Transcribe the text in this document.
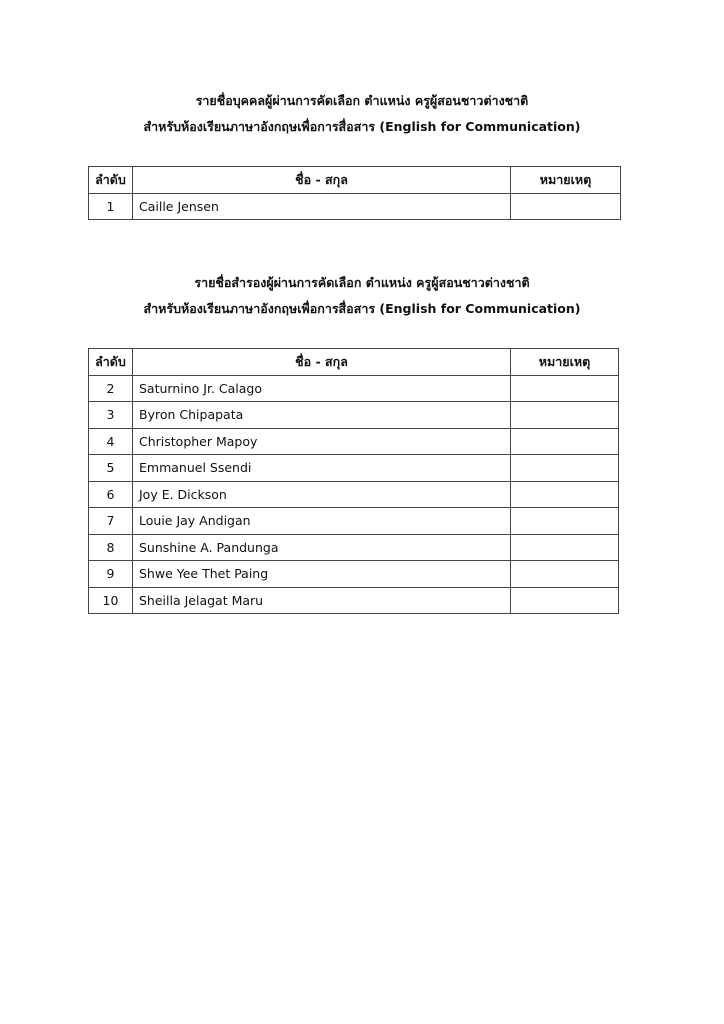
รายชื่อบุคคลผู้ผ่านการคัดเลือก ตำแหน่ง ครูผู้สอนชาวต่างชาติ
สำหรับห้องเรียนภาษาอังกฤษเพื่อการสื่อสาร (English for Communication)
ลำดับ	ชื่อ - สกุล	หมายเหตุ
1	Caille Jensen	
รายชื่อสำรองผู้ผ่านการคัดเลือก ตำแหน่ง ครูผู้สอนชาวต่างชาติ
สำหรับห้องเรียนภาษาอังกฤษเพื่อการสื่อสาร (English for Communication)
ลำดับ	ชื่อ - สกุล	หมายเหตุ
2	Saturnino Jr. Calago	
3	Byron Chipapata	
4	Christopher Mapoy	
5	Emmanuel Ssendi	
6	Joy E. Dickson	
7	Louie Jay Andigan	
8	Sunshine A. Pandunga	
9	Shwe Yee Thet Paing	
10	Sheilla Jelagat Maru	
